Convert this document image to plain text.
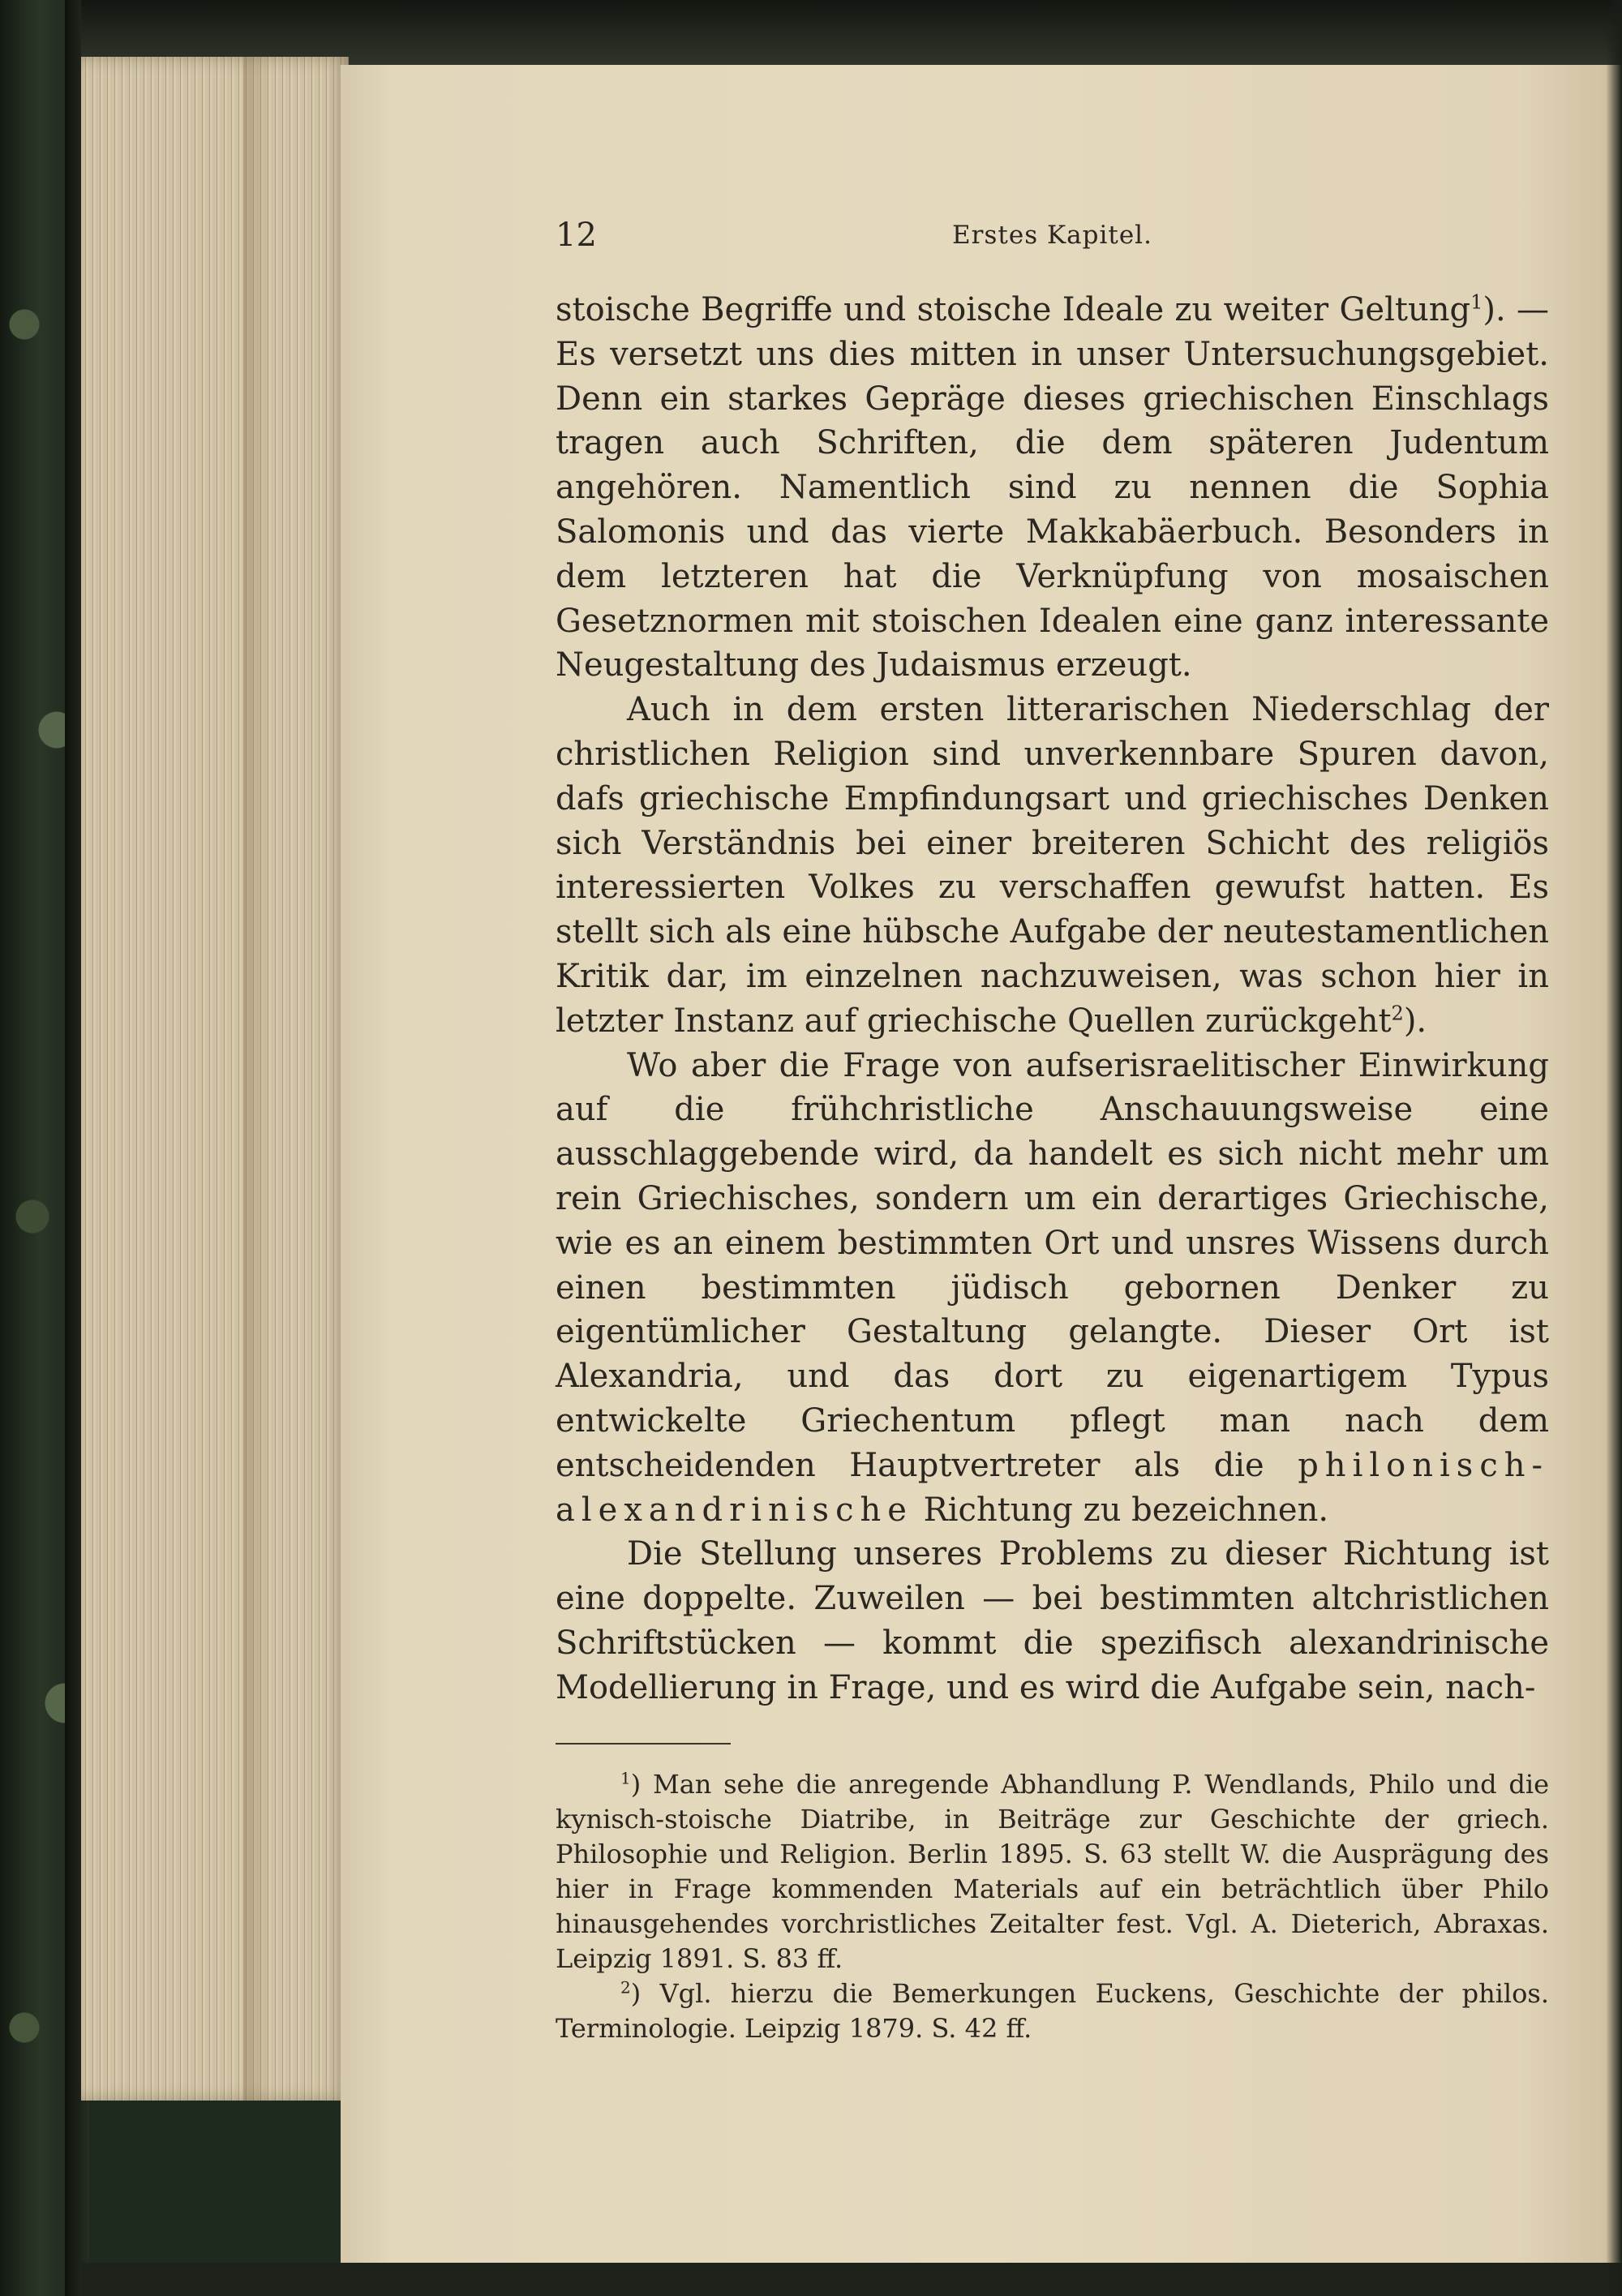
12	Erstes Kapitel.

stoische Begriffe und stoische Ideale zu weiter Geltung$^1$). — Es versetzt uns dies mitten in unser Untersuchungsgebiet. Denn ein starkes Gepräge dieses griechischen Einschlags tragen auch Schriften, die dem späteren Judentum angehören. Namentlich sind zu nennen die Sophia Salomonis und das vierte Makkabäerbuch. Besonders in dem letzteren hat die Verknüpfung von mosaischen Gesetznormen mit stoischen Idealen eine ganz interessante Neugestaltung des Judaismus erzeugt.

Auch in dem ersten litterarischen Niederschlag der christlichen Religion sind unverkennbare Spuren davon, dafs griechische Empfindungsart und griechisches Denken sich Verständnis bei einer breiteren Schicht des religiös interessierten Volkes zu verschaffen gewufst hatten. Es stellt sich als eine hübsche Aufgabe der neutestamentlichen Kritik dar, im einzelnen nachzuweisen, was schon hier in letzter Instanz auf griechische Quellen zurückgeht$^2$).

Wo aber die Frage von aufserisraelitischer Einwirkung auf die frühchristliche Anschauungsweise eine ausschlaggebende wird, da handelt es sich nicht mehr um rein Griechisches, sondern um ein derartiges Griechische, wie es an einem bestimmten Ort und unsres Wissens durch einen bestimmten jüdisch gebornen Denker zu eigentümlicher Gestaltung gelangte. Dieser Ort ist Alexandria, und das dort zu eigenartigem Typus entwickelte Griechentum pflegt man nach dem entscheidenden Hauptvertreter als die philonisch-alexandrinische Richtung zu bezeichnen.

Die Stellung unseres Problems zu dieser Richtung ist eine doppelte. Zuweilen — bei bestimmten altchristlichen Schriftstücken — kommt die spezifisch alexandrinische Modellierung in Frage, und es wird die Aufgabe sein, nach-

$^1$) Man sehe die anregende Abhandlung P. Wendlands, Philo und die kynisch-stoische Diatribe, in Beiträge zur Geschichte der griech. Philosophie und Religion. Berlin 1895. S. 63 stellt W. die Ausprägung des hier in Frage kommenden Materials auf ein beträchtlich über Philo hinausgehendes vorchristliches Zeitalter fest. Vgl. A. Dieterich, Abraxas. Leipzig 1891. S. 83 ff.

$^2$) Vgl. hierzu die Bemerkungen Euckens, Geschichte der philos. Terminologie. Leipzig 1879. S. 42 ff.
